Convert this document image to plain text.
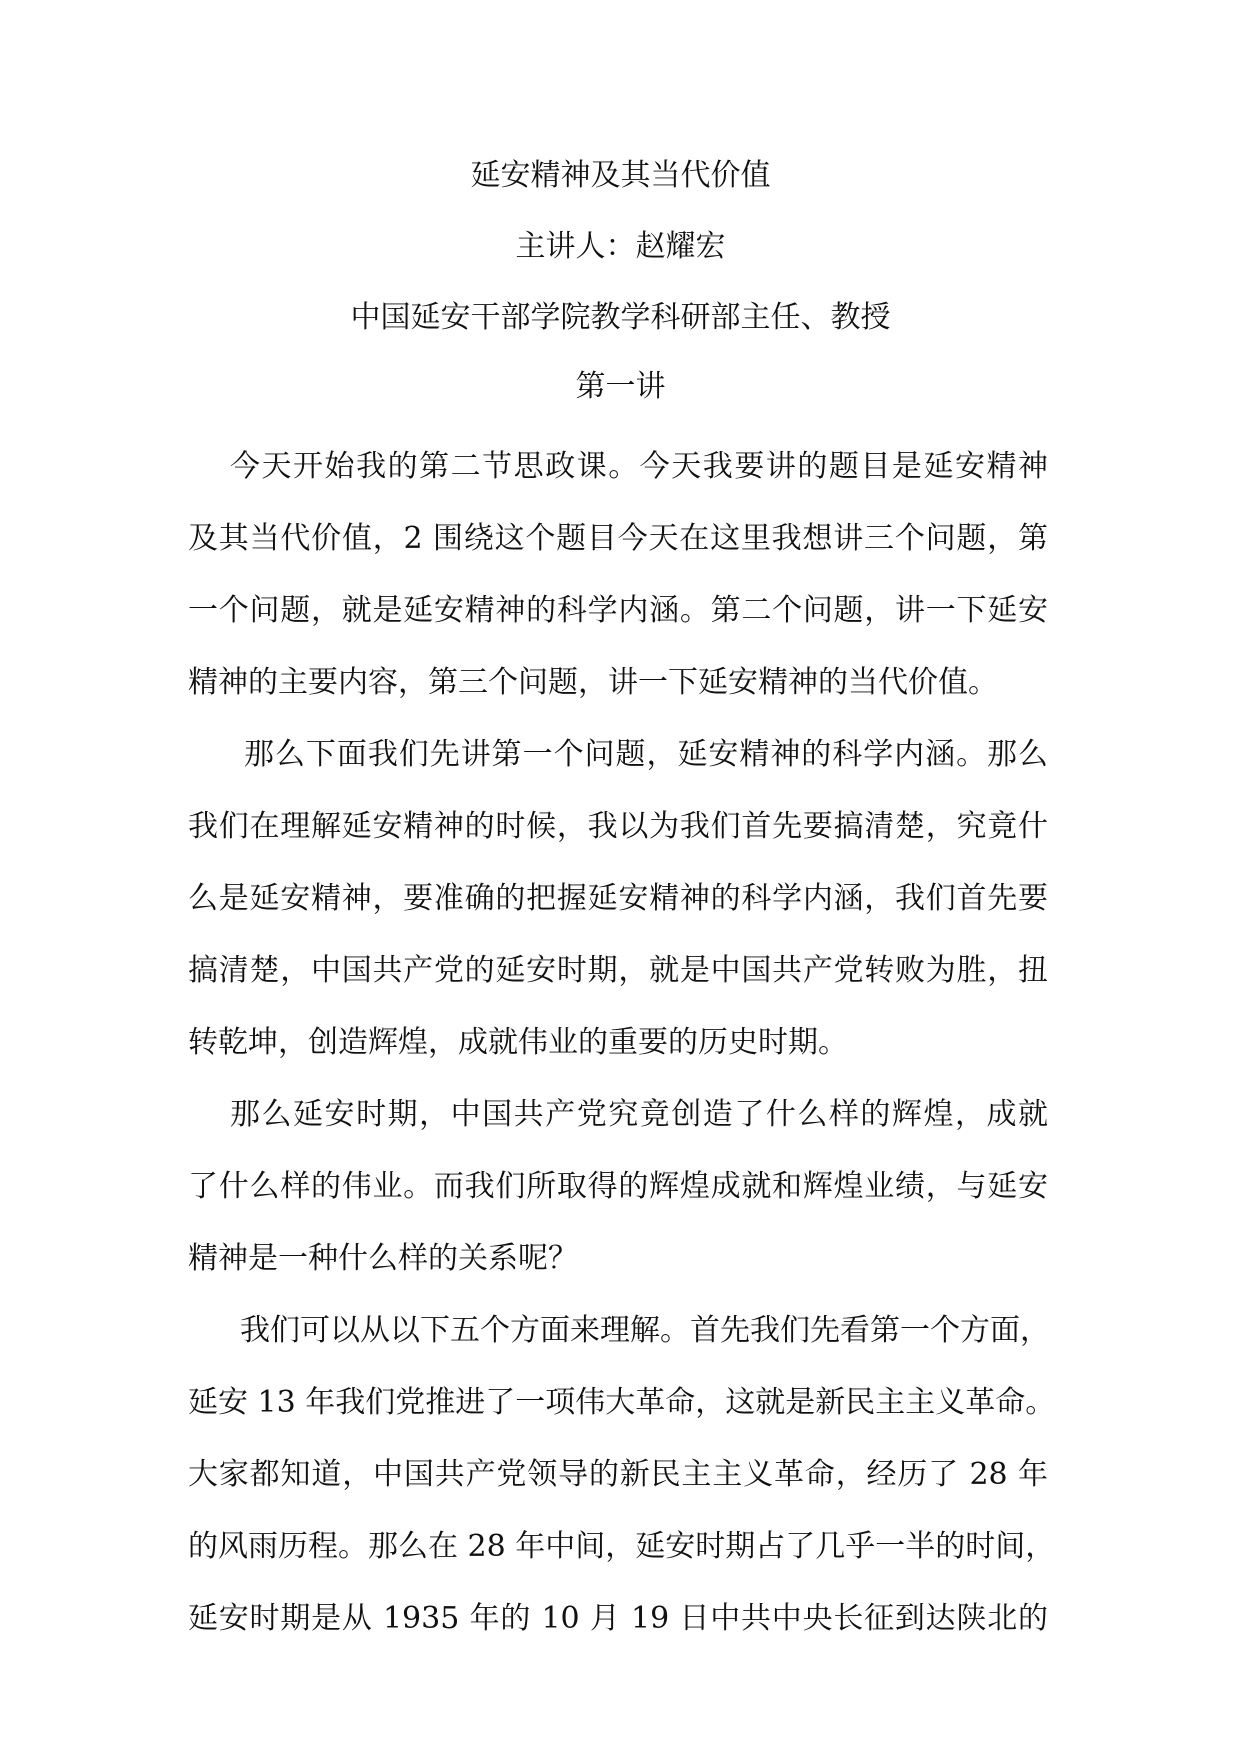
延安精神及其当代价值
主讲人：赵耀宏
中国延安干部学院教学科研部主任、教授
第一讲
今天开始我的第二节思政课。今天我要讲的题目是延安精神
及其当代价值，2 围绕这个题目今天在这里我想讲三个问题，第
一个问题，就是延安精神的科学内涵。第二个问题，讲一下延安
精神的主要内容，第三个问题，讲一下延安精神的当代价值。
那么下面我们先讲第一个问题，延安精神的科学内涵。那么
我们在理解延安精神的时候，我以为我们首先要搞清楚，究竟什
么是延安精神，要准确的把握延安精神的科学内涵，我们首先要
搞清楚，中国共产党的延安时期，就是中国共产党转败为胜，扭
转乾坤，创造辉煌，成就伟业的重要的历史时期。
那么延安时期，中国共产党究竟创造了什么样的辉煌，成就
了什么样的伟业。而我们所取得的辉煌成就和辉煌业绩，与延安
精神是一种什么样的关系呢？
我们可以从以下五个方面来理解。首先我们先看第一个方面，
延安 13 年我们党推进了一项伟大革命，这就是新民主主义革命。
大家都知道，中国共产党领导的新民主主义革命，经历了 28 年
的风雨历程。那么在 28 年中间，延安时期占了几乎一半的时间，
延安时期是从 1935 年的 10 月 19 日中共中央长征到达陕北的
